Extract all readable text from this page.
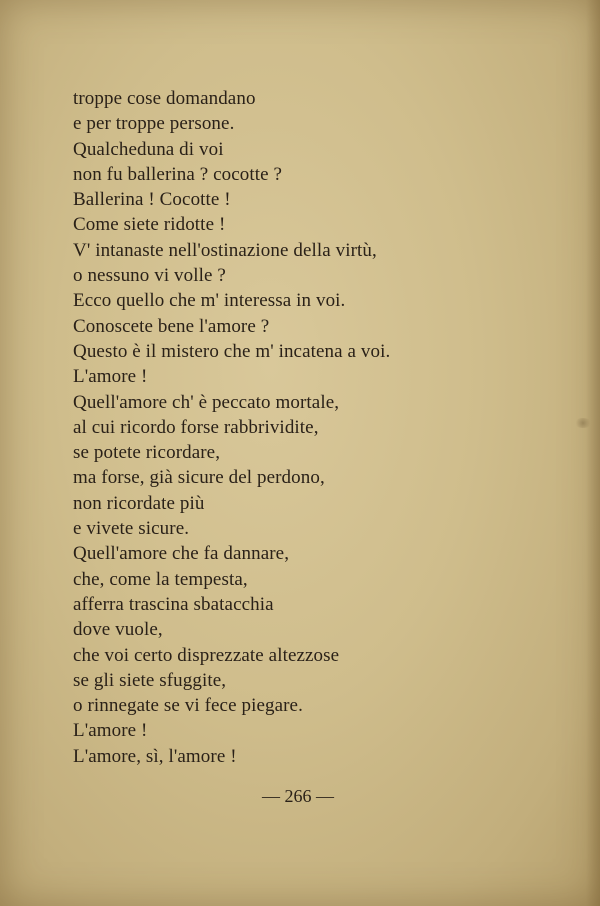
troppe cose domandano
e per troppe persone.
Qualcheduna di voi
non fu ballerina ? cocotte ?
Ballerina ! Cocotte !
Come siete ridotte !
V' intanaste nell'ostinazione della virtù,
o nessuno vi volle ?
Ecco quello che m' interessa in voi.
Conoscete bene l'amore ?
Questo è il mistero che m' incatena a voi.
L'amore !
Quell'amore ch' è peccato mortale,
al cui ricordo forse rabbrividite,
se potete ricordare,
ma forse, già sicure del perdono,
non ricordate più
e vivete sicure.
Quell'amore che fa dannare,
che, come la tempesta,
afferra trascina sbatacchia
dove vuole,
che voi certo disprezzate altezzose
se gli siete sfuggite,
o rinnegate se vi fece piegare.
L'amore !
L'amore, sì, l'amore !
— 266 —
